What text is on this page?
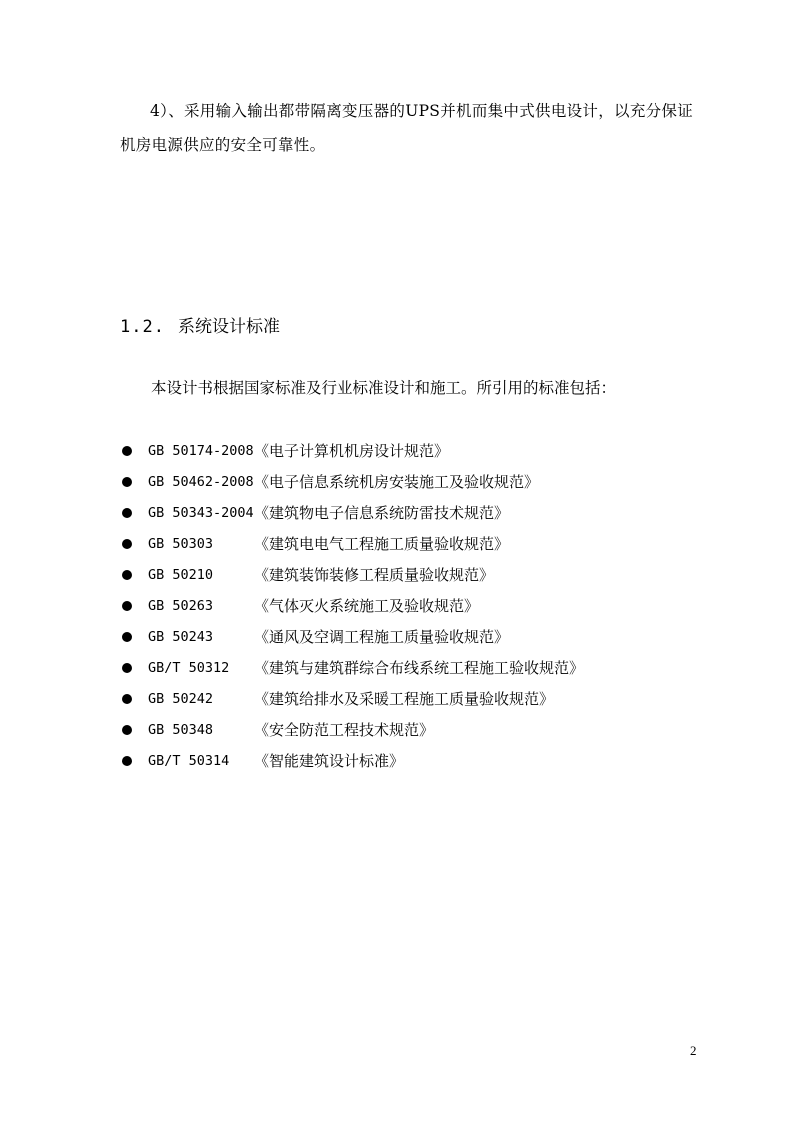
4）、采用输入输出都带隔离变压器的UPS并机而集中式供电设计，以充分保证
机房电源供应的安全可靠性。
1.2. 系统设计标准
本设计书根据国家标准及行业标准设计和施工。所引用的标准包括：
GB 50174-2008 《电子计算机机房设计规范》
GB 50462-2008 《电子信息系统机房安装施工及验收规范》
GB 50343-2004 《建筑物电子信息系统防雷技术规范》
GB 50303	《建筑电电气工程施工质量验收规范》
GB 50210	《建筑装饰装修工程质量验收规范》
GB 50263	《气体灭火系统施工及验收规范》
GB 50243	《通风及空调工程施工质量验收规范》
GB/T 50312 《建筑与建筑群综合布线系统工程施工验收规范》
GB 50242	《建筑给排水及采暖工程施工质量验收规范》
GB 50348	《安全防范工程技术规范》
GB/T 50314 《智能建筑设计标准》
2
